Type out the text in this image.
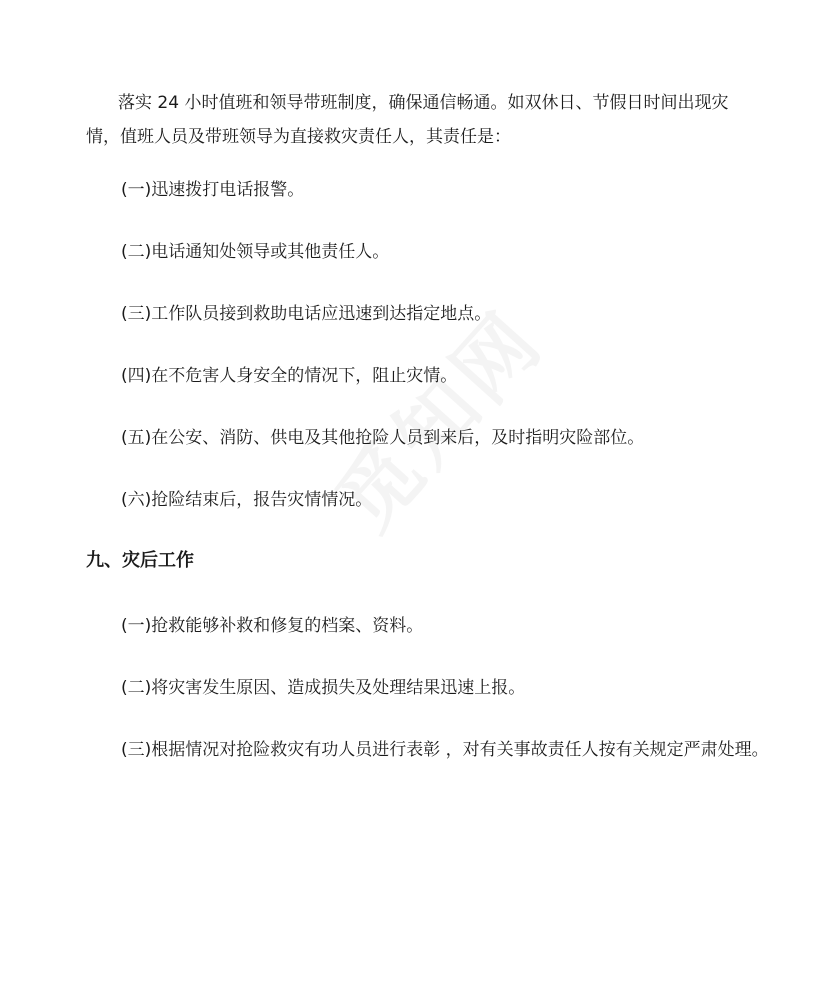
落实 24 小时值班和领导带班制度，确保通信畅通。如双休日、节假日时间出现灾情，值班人员及带班领导为直接救灾责任人，其责任是：

(一)迅速拨打电话报警。

(二)电话通知处领导或其他责任人。

(三)工作队员接到救助电话应迅速到达指定地点。

(四)在不危害人身安全的情况下，阻止灾情。

(五)在公安、消防、供电及其他抢险人员到来后，及时指明灾险部位。

(六)抢险结束后，报告灾情情况。

九、灾后工作

(一)抢救能够补救和修复的档案、资料。

(二)将灾害发生原因、造成损失及处理结果迅速上报。

(三)根据情况对抢险救灾有功人员进行表彰 ，对有关事故责任人按有关规定严肃处理。
